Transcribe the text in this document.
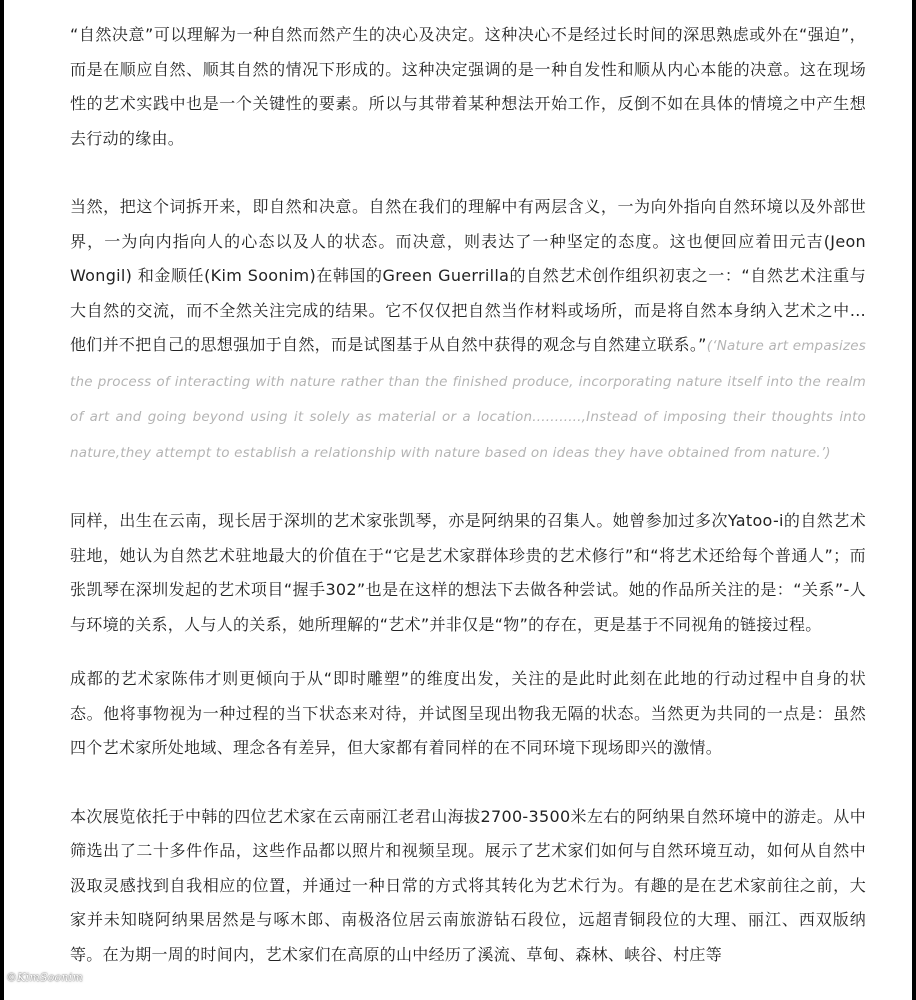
“自然决意”可以理解为一种自然而然产生的决心及决定。这种决心不是经过长时间的深思熟虑或外在“强迫”，而是在顺应自然、顺其自然的情况下形成的。这种决定强调的是一种自发性和顺从内心本能的决意。这在现场性的艺术实践中也是一个关键性的要素。所以与其带着某种想法开始工作，反倒不如在具体的情境之中产生想去行动的缘由。

当然，把这个词拆开来，即自然和决意。自然在我们的理解中有两层含义，一为向外指向自然环境以及外部世界，一为向内指向人的心态以及人的状态。而决意，则表达了一种坚定的态度。这也便回应着田元吉(Jeon Wongil) 和金顺任(Kim Soonim)在韩国的Green Guerrilla的自然艺术创作组织初衷之一：“自然艺术注重与大自然的交流，而不全然关注完成的结果。它不仅仅把自然当作材料或场所，而是将自然本身纳入艺术之中… 他们并不把自己的思想强加于自然，而是试图基于从自然中获得的观念与自然建立联系。”(‘Nature art empasizes the process of interacting with nature rather than the finished produce, incorporating nature itself into the realm of art and going beyond using it solely as material or a location...........,Instead of imposing their thoughts into nature,they attempt to establish a relationship with nature based on ideas they have obtained from nature.’)

同样，出生在云南，现长居于深圳的艺术家张凯琴，亦是阿纳果的召集人。她曾参加过多次Yatoo-i的自然艺术驻地，她认为自然艺术驻地最大的价值在于“它是艺术家群体珍贵的艺术修行”和“将艺术还给每个普通人”；而张凯琴在深圳发起的艺术项目“握手302”也是在这样的想法下去做各种尝试。她的作品所关注的是：“关系”-人与环境的关系，人与人的关系，她所理解的“艺术”并非仅是“物”的存在，更是基于不同视角的链接过程。

成都的艺术家陈伟才则更倾向于从“即时雕塑”的维度出发，关注的是此时此刻在此地的行动过程中自身的状态。他将事物视为一种过程的当下状态来对待，并试图呈现出物我无隔的状态。当然更为共同的一点是：虽然四个艺术家所处地域、理念各有差异，但大家都有着同样的在不同环境下现场即兴的激情。

本次展览依托于中韩的四位艺术家在云南丽江老君山海拔2700-3500米左右的阿纳果自然环境中的游走。从中筛选出了二十多件作品，这些作品都以照片和视频呈现。展示了艺术家们如何与自然环境互动，如何从自然中汲取灵感找到自我相应的位置，并通过一种日常的方式将其转化为艺术行为。有趣的是在艺术家前往之前，大家并未知晓阿纳果居然是与啄木郎、南极洛位居云南旅游钻石段位，远超青铜段位的大理、丽江、西双版纳等。在为期一周的时间内，艺术家们在高原的山中经历了溪流、草甸、森林、峡谷、村庄等

©KimSoonim
